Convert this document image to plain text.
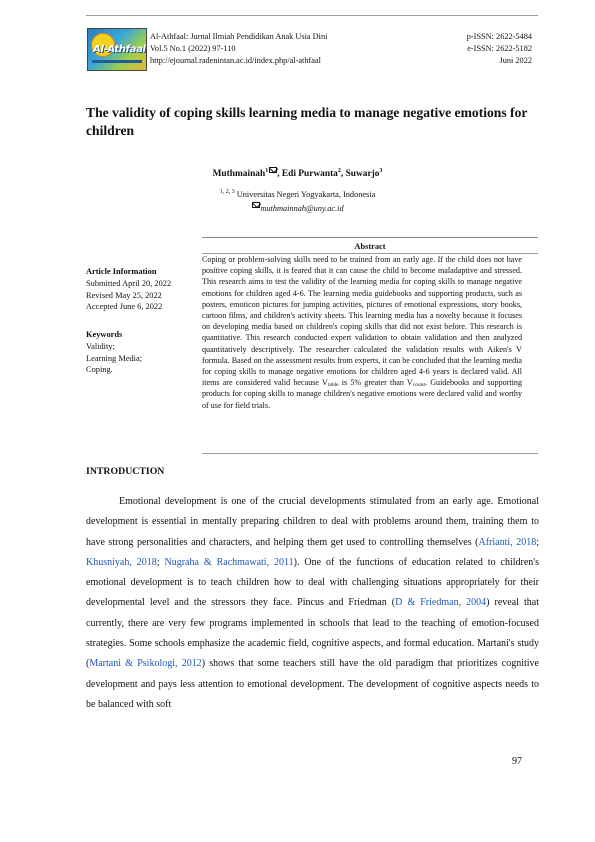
Al-Athfaal
Al-Athfaal: Jurnal Ilmiah Pendidikan Anak Usia Dini
Vol.5 No.1 (2022) 97-110
http://ejournal.radenintan.ac.id/index.php/al-athfaal
p-ISSN: 2622-5484
e-ISSN: 2622-5182
Juni 2022
The validity of coping skills learning media to manage negative emotions for children
Muthmainah$^1$ , Edi Purwanta$^2$, Suwarjo$^3$
$^{1, 2, 3}$ Universitas Negeri Yogyakarta, Indonesia
muthmainnah@uny.ac.id
Article Information
Submitted April 20, 2022
Revised May 25, 2022
Accepted June 6, 2022
Keywords
Validity;
Learning Media;
Coping.
Abstract
Coping or problem-solving skills need to be trained from an early age. If the child does not have positive coping skills, it is feared that it can cause the child to become maladaptive and stressed. This research aims to test the validity of the learning media for coping skills to manage negative emotions for children aged 4-6. The learning media guidebooks and supporting products, such as posters, emoticon pictures for jumping activities, pictures of emotional expressions, story books, cartoon films, and children's activity sheets. This learning media has a novelty because it focuses on developing media based on children's coping skills that did not exist before. This research is quantitative. This research conducted expert validation to obtain validation and then analyzed quantitatively descriptively. The researcher calculated the validation results with Aiken's V formula. Based on the assessment results from experts, it can be concluded that the learning media for coping skills to manage negative emotions for children aged 4-6 years is declared valid. All items are considered valid because $V_{table}$ is 5% greater than $V_{count}$. Guidebooks and supporting products for coping skills to manage children's negative emotions were declared valid and worthy of use for field trials.
INTRODUCTION
Emotional development is one of the crucial developments stimulated from an early age. Emotional development is essential in mentally preparing children to deal with problems around them, training them to have strong personalities and characters, and helping them get used to controlling themselves (Afrianti, 2018; Khusniyah, 2018; Nugraha & Rachmawati, 2011). One of the functions of education related to children's emotional development is to teach children how to deal with challenging situations appropriately for their developmental level and the stressors they face. Pincus and Friedman (D & Friedman, 2004) reveal that currently, there are very few programs implemented in schools that lead to the teaching of emotion-focused strategies. Some schools emphasize the academic field, cognitive aspects, and formal education. Martani's study (Martani & Psikologi, 2012) shows that some teachers still have the old paradigm that prioritizes cognitive development and pays less attention to emotional development. The development of cognitive aspects needs to be balanced with soft
97
